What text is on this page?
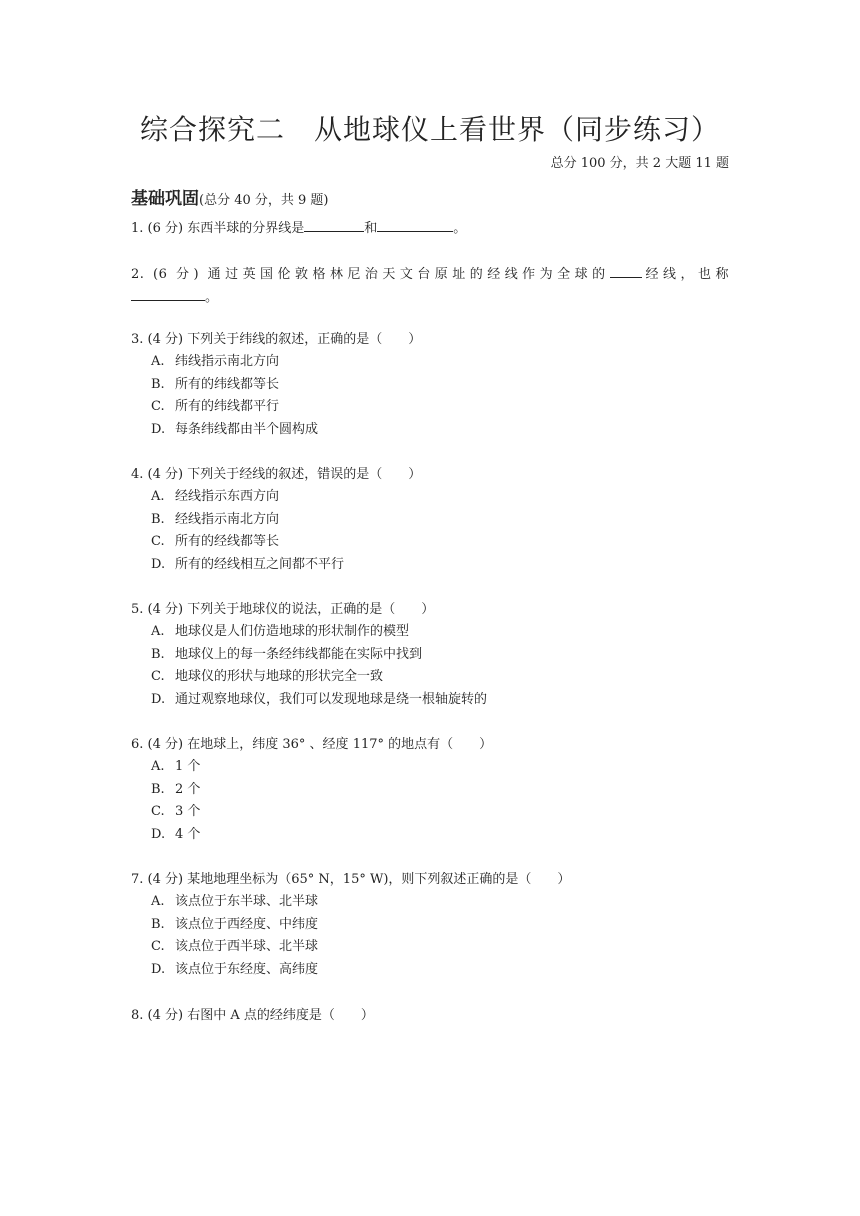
综合探究二　从地球仪上看世界（同步练习）
总分 100 分，共 2 大题 11 题
基础巩固(总分 40 分，共 9 题)
1. (6 分) 东西半球的分界线是	和	。
2. (6 分) 通过英国伦敦格林尼治天文台原址的经线作为全球的 经线，也称
。
3. (4 分) 下列关于纬线的叙述，正确的是（　　）
A. 纬线指示南北方向
B. 所有的纬线都等长
C. 所有的纬线都平行
D. 每条纬线都由半个圆构成
4. (4 分) 下列关于经线的叙述，错误的是（　　）
A. 经线指示东西方向
B. 经线指示南北方向
C. 所有的经线都等长
D. 所有的经线相互之间都不平行
5. (4 分) 下列关于地球仪的说法，正确的是（　　）
A. 地球仪是人们仿造地球的形状制作的模型
B. 地球仪上的每一条经纬线都能在实际中找到
C. 地球仪的形状与地球的形状完全一致
D. 通过观察地球仪，我们可以发现地球是绕一根轴旋转的
6. (4 分) 在地球上，纬度 36° 、经度 117° 的地点有（　　）
A. 1 个
B. 2 个
C. 3 个
D. 4 个
7. (4 分) 某地地理坐标为（65° N，15° W)，则下列叙述正确的是（　　）
A. 该点位于东半球、北半球
B. 该点位于西经度、中纬度
C. 该点位于西半球、北半球
D. 该点位于东经度、高纬度
8. (4 分) 右图中 A 点的经纬度是（　　）
